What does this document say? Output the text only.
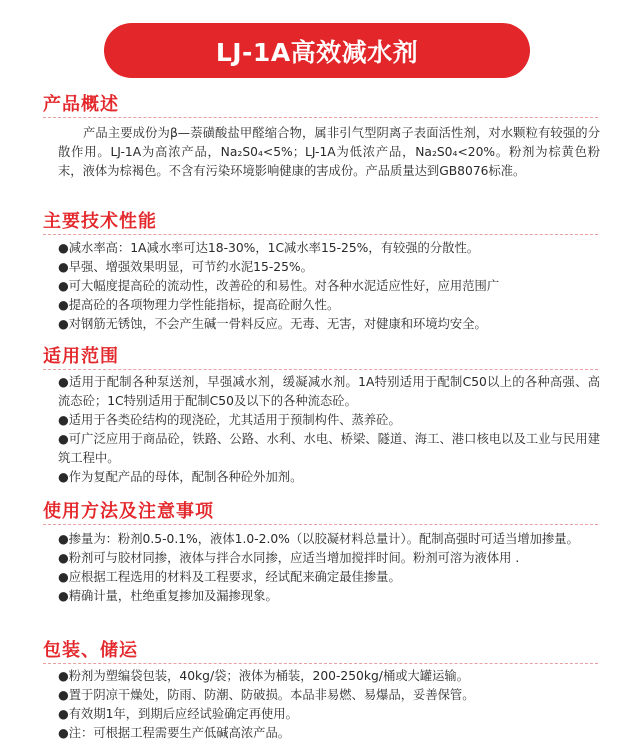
LJ-1A高效减水剂
产品概述

产品主要成份为β—萘磺酸盐甲醛缩合物，属非引气型阴离子表面活性剂，对水颗粒有较强的分散作用。LJ-1A为高浓产品，Na₂S0₄<5%；LJ-1A为低浓产品，Na₂S0₄<20%。粉剂为棕黄色粉末，液体为棕褐色。不含有污染环境影响健康的害成份。产品质量达到GB8076标准。

主要技术性能

●减水率高：1A减水率可达18-30%，1C减水率15-25%，有较强的分散性。

●早强、增强效果明显，可节约水泥15-25%。

●可大幅度提高砼的流动性，改善砼的和易性。对各种水泥适应性好，应用范围广

●提高砼的各项物理力学性能指标，提高砼耐久性。

●对钢筋无锈蚀，不会产生碱一骨料反应。无毒、无害，对健康和环境均安全。

适用范围

●适用于配制各种泵送剂，早强减水剂，缓凝减水剂。1A特别适用于配制C50以上的各种高强、高流态砼；1C特别适用于配制C50及以下的各种流态砼。

●适用于各类砼结构的现浇砼，尤其适用于预制构件、蒸养砼。

●可广泛应用于商品砼，铁路、公路、水利、水电、桥梁、隧道、海工、港口核电以及工业与民用建筑工程中。

●作为复配产品的母体，配制各种砼外加剂。

使用方法及注意事项

●掺量为：粉剂0.5-0.1%，液体1.0-2.0%（以胶凝材料总量计）。配制高强时可适当增加掺量。

●粉剂可与胶材同掺，液体与拌合水同掺，应适当增加搅拌时间。粉剂可溶为液体用 .

●应根据工程选用的材料及工程要求，经试配来确定最佳掺量。

●精确计量，杜绝重复掺加及漏掺现象。

包装、储运

●粉剂为塑编袋包装，40kg/袋；液体为桶装，200-250kg/桶或大罐运输。

●置于阴凉干燥处，防雨、防潮、防破损。本品非易燃、易爆品，妥善保管。

●有效期1年，到期后应经试验确定再使用。

●注：可根据工程需要生产低碱高浓产品。
